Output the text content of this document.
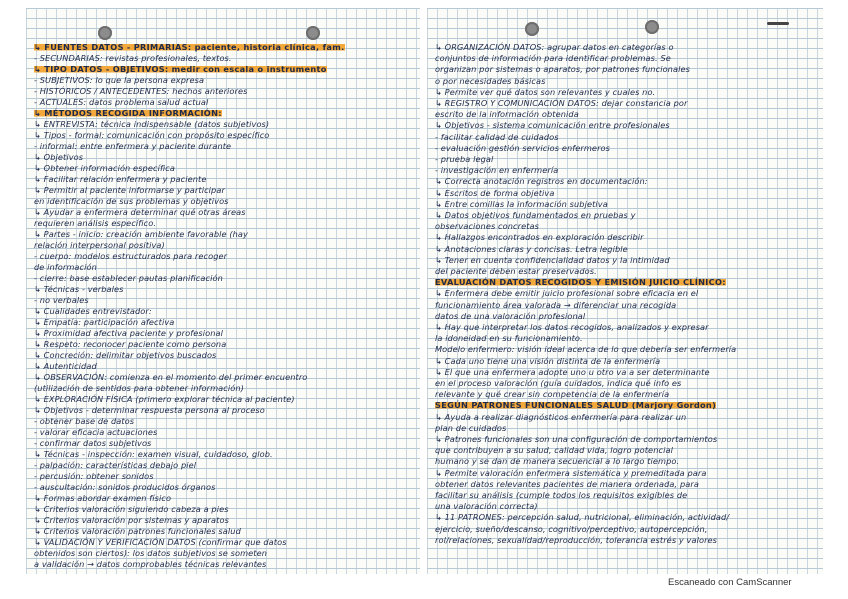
↳ FUENTES DATOS - PRIMARIAS: paciente, historia clínica, fam.
- SECUNDARIAS: revistas profesionales, textos.
↳ TIPO DATOS - OBJETIVOS: medir con escala o instrumento
- SUBJETIVOS: lo que la persona expresa
- HISTÓRICOS / ANTECEDENTES: hechos anteriores
- ACTUALES: datos problema salud actual
↳ MÉTODOS RECOGIDA INFORMACIÓN:
↳ ENTREVISTA: técnica indispensable (datos subjetivos)
↳ Tipos - formal: comunicación con propósito específico
- informal: entre enfermera y paciente durante
↳ Objetivos
↳ Obtener información específica
↳ Facilitar relación enfermera y paciente
↳ Permitir al paciente informarse y participar
en identificación de sus problemas y objetivos
↳ Ayudar a enfermera determinar qué otras áreas
requieren análisis específico.
↳ Partes - inicio: creación ambiente favorable (hay
relación interpersonal positiva)
- cuerpo: modelos estructurados para recoger
de información
- cierre: base establecer pautas planificación
↳ Técnicas - verbales
- no verbales
↳ Cualidades entrevistador:
↳ Empatía: participación afectiva
↳ Proximidad afectiva paciente y profesional
↳ Respeto: reconocer paciente como persona
↳ Concreción: delimitar objetivos buscados
↳ Autenticidad
↳ OBSERVACIÓN: comienza en el momento del primer encuentro
(utilización de sentidos para obtener información)
↳ EXPLORACIÓN FÍSICA (primero explorar técnica al paciente)
↳ Objetivos - determinar respuesta persona al proceso
- obtener base de datos
- valorar eficacia actuaciones
- confirmar datos subjetivos
↳ Técnicas - inspección: examen visual, cuidadoso, glob.
- palpación: características debajo piel
- percusión: obtener sonidos
- auscultación: sonidos producidos órganos
↳ Formas abordar examen físico
↳ Criterios valoración siguiendo cabeza a pies
↳ Criterios valoración por sistemas y aparatos
↳ Criterios valoración patrones funcionales salud
↳ VALIDACIÓN Y VERIFICACIÓN DATOS (confirmar que datos
obtenidos son ciertos): los datos subjetivos se someten
a validación → datos comprobables técnicas relevantes
↳ ORGANIZACIÓN DATOS: agrupar datos en categorías o
conjuntos de información para identificar problemas. Se
organizan por sistemas o aparatos, por patrones funcionales
o por necesidades básicas
↳ Permite ver qué datos son relevantes y cuales no.
↳ REGISTRO Y COMUNICACIÓN DATOS: dejar constancia por
escrito de la información obtenida
↳ Objetivos - sistema comunicación entre profesionales
- facilitar calidad de cuidados
- evaluación gestión servicios enfermeros
- prueba legal
- investigación en enfermería
↳ Correcta anotación registros en documentación:
↳ Escritos de forma objetiva
↳ Entre comillas la información subjetiva
↳ Datos objetivos fundamentados en pruebas y
observaciones concretas
↳ Hallazgos encontrados en exploración describir
↳ Anotaciones claras y concisas. Letra legible
↳ Tener en cuenta confidencialidad datos y la intimidad
del paciente deben estar preservados.
EVALUACIÓN DATOS RECOGIDOS Y EMISIÓN JUICIO CLÍNICO:
↳ Enfermera debe emitir juicio profesional sobre eficacia en el
funcionamiento área valorada → diferenciar una recogida
datos de una valoración profesional
↳ Hay que interpretar los datos recogidos, analizados y expresar
la idoneidad en su funcionamiento.
Modelo enfermero: visión ideal acerca de lo que debería ser enfermería
↳ Cada uno tiene una visión distinta de la enfermería
↳ El que una enfermera adopte uno u otro va a ser determinante
en el proceso valoración (guía cuidados, indica qué info es
relevante y qué crear sin competencia de la enfermería
SEGÚN PATRONES FUNCIONALES SALUD (Marjory Gordon)
↳ Ayuda a realizar diagnósticos enfermería para realizar un
plan de cuidados
↳ Patrones funcionales son una configuración de comportamientos
que contribuyen a su salud, calidad vida, logro potencial
humano y se dan de manera secuencial a lo largo tiempo.
↳ Permite valoración enfermera sistemática y premeditada para
obtener datos relevantes pacientes de manera ordenada, para
facilitar su análisis (cumple todos los requisitos exigibles de
una valoración correcta)
↳ 11 PATRONES: percepción salud, nutricional, eliminación, actividad/
ejercicio, sueño/descanso, cognitivo/perceptivo, autopercepción,
rol/relaciones, sexualidad/reproducción, tolerancia estrés y valores
Escaneado con CamScanner
